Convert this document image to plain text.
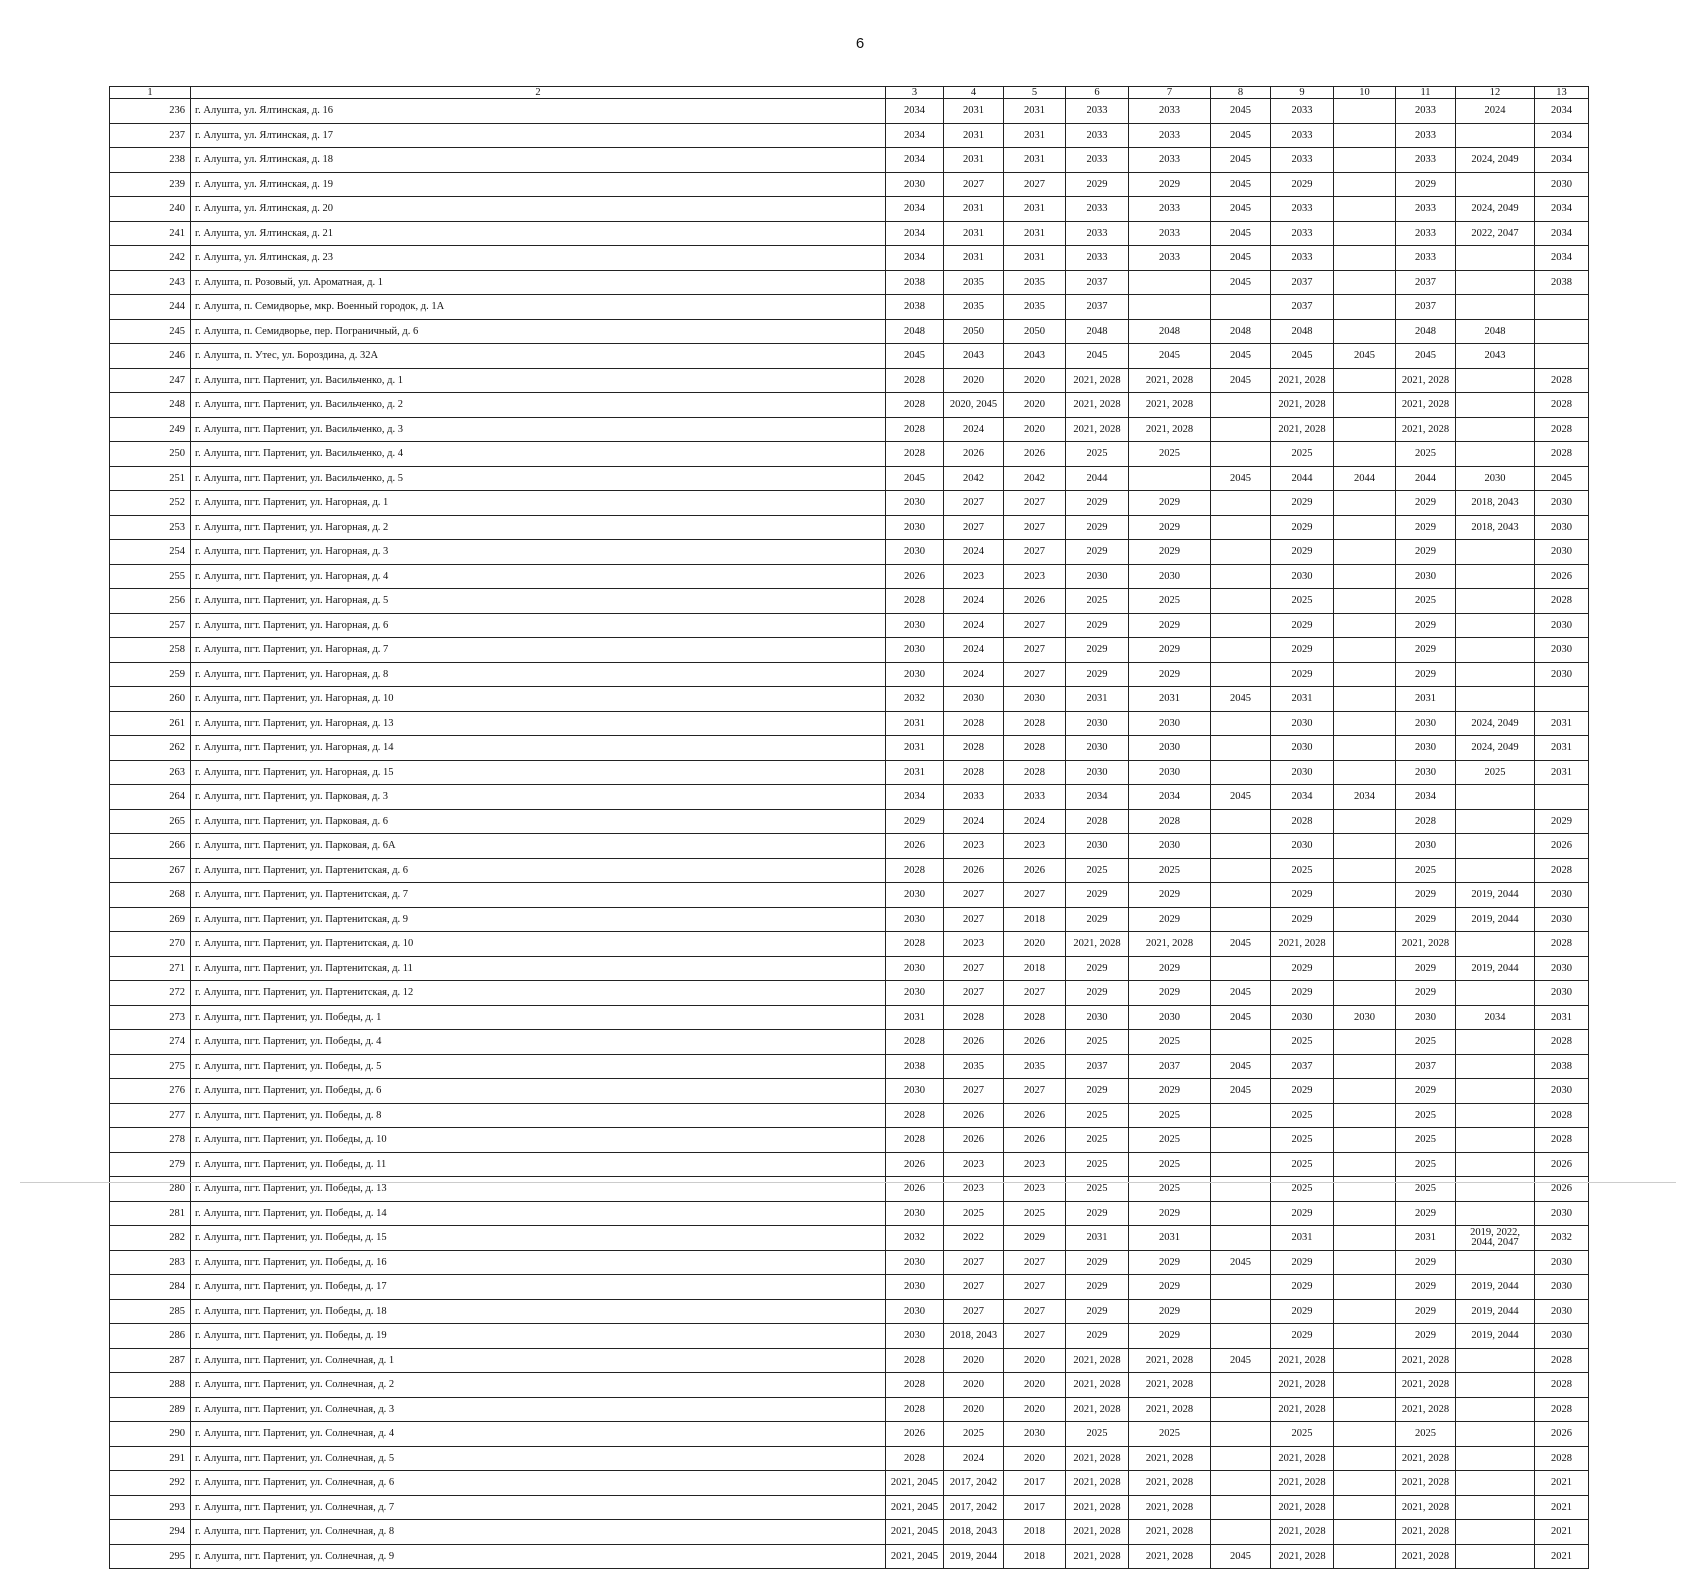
6
1	2	3	4	5	6	7	8	9	10	11	12	13
236	г. Алушта, ул. Ялтинская, д. 16	2034	2031	2031	2033	2033	2045	2033		2033	2024	2034
237	г. Алушта, ул. Ялтинская, д. 17	2034	2031	2031	2033	2033	2045	2033		2033		2034
238	г. Алушта, ул. Ялтинская, д. 18	2034	2031	2031	2033	2033	2045	2033		2033	2024, 2049	2034
239	г. Алушта, ул. Ялтинская, д. 19	2030	2027	2027	2029	2029	2045	2029		2029		2030
240	г. Алушта, ул. Ялтинская, д. 20	2034	2031	2031	2033	2033	2045	2033		2033	2024, 2049	2034
241	г. Алушта, ул. Ялтинская, д. 21	2034	2031	2031	2033	2033	2045	2033		2033	2022, 2047	2034
242	г. Алушта, ул. Ялтинская, д. 23	2034	2031	2031	2033	2033	2045	2033		2033		2034
243	г. Алушта, п. Розовый, ул. Ароматная, д. 1	2038	2035	2035	2037		2045	2037		2037		2038
244	г. Алушта, п. Семидворье, мкр. Военный городок, д. 1А	2038	2035	2035	2037			2037		2037		
245	г. Алушта, п. Семидворье, пер. Пограничный, д. 6	2048	2050	2050	2048	2048	2048	2048		2048	2048	
246	г. Алушта, п. Утес, ул. Бороздина, д. 32А	2045	2043	2043	2045	2045	2045	2045	2045	2045	2043	
247	г. Алушта, пгт. Партенит, ул. Васильченко, д. 1	2028	2020	2020	2021, 2028	2021, 2028	2045	2021, 2028		2021, 2028		2028
248	г. Алушта, пгт. Партенит, ул. Васильченко, д. 2	2028	2020, 2045	2020	2021, 2028	2021, 2028		2021, 2028		2021, 2028		2028
249	г. Алушта, пгт. Партенит, ул. Васильченко, д. 3	2028	2024	2020	2021, 2028	2021, 2028		2021, 2028		2021, 2028		2028
250	г. Алушта, пгт. Партенит, ул. Васильченко, д. 4	2028	2026	2026	2025	2025		2025		2025		2028
251	г. Алушта, пгт. Партенит, ул. Васильченко, д. 5	2045	2042	2042	2044		2045	2044	2044	2044	2030	2045
252	г. Алушта, пгт. Партенит, ул. Нагорная, д. 1	2030	2027	2027	2029	2029		2029		2029	2018, 2043	2030
253	г. Алушта, пгт. Партенит, ул. Нагорная, д. 2	2030	2027	2027	2029	2029		2029		2029	2018, 2043	2030
254	г. Алушта, пгт. Партенит, ул. Нагорная, д. 3	2030	2024	2027	2029	2029		2029		2029		2030
255	г. Алушта, пгт. Партенит, ул. Нагорная, д. 4	2026	2023	2023	2030	2030		2030		2030		2026
256	г. Алушта, пгт. Партенит, ул. Нагорная, д. 5	2028	2024	2026	2025	2025		2025		2025		2028
257	г. Алушта, пгт. Партенит, ул. Нагорная, д. 6	2030	2024	2027	2029	2029		2029		2029		2030
258	г. Алушта, пгт. Партенит, ул. Нагорная, д. 7	2030	2024	2027	2029	2029		2029		2029		2030
259	г. Алушта, пгт. Партенит, ул. Нагорная, д. 8	2030	2024	2027	2029	2029		2029		2029		2030
260	г. Алушта, пгт. Партенит, ул. Нагорная, д. 10	2032	2030	2030	2031	2031	2045	2031		2031		
261	г. Алушта, пгт. Партенит, ул. Нагорная, д. 13	2031	2028	2028	2030	2030		2030		2030	2024, 2049	2031
262	г. Алушта, пгт. Партенит, ул. Нагорная, д. 14	2031	2028	2028	2030	2030		2030		2030	2024, 2049	2031
263	г. Алушта, пгт. Партенит, ул. Нагорная, д. 15	2031	2028	2028	2030	2030		2030		2030	2025	2031
264	г. Алушта, пгт. Партенит, ул. Парковая, д. 3	2034	2033	2033	2034	2034	2045	2034	2034	2034		
265	г. Алушта, пгт. Партенит, ул. Парковая, д. 6	2029	2024	2024	2028	2028		2028		2028		2029
266	г. Алушта, пгт. Партенит, ул. Парковая, д. 6А	2026	2023	2023	2030	2030		2030		2030		2026
267	г. Алушта, пгт. Партенит, ул. Партенитская, д. 6	2028	2026	2026	2025	2025		2025		2025		2028
268	г. Алушта, пгт. Партенит, ул. Партенитская, д. 7	2030	2027	2027	2029	2029		2029		2029	2019, 2044	2030
269	г. Алушта, пгт. Партенит, ул. Партенитская, д. 9	2030	2027	2018	2029	2029		2029		2029	2019, 2044	2030
270	г. Алушта, пгт. Партенит, ул. Партенитская, д. 10	2028	2023	2020	2021, 2028	2021, 2028	2045	2021, 2028		2021, 2028		2028
271	г. Алушта, пгт. Партенит, ул. Партенитская, д. 11	2030	2027	2018	2029	2029		2029		2029	2019, 2044	2030
272	г. Алушта, пгт. Партенит, ул. Партенитская, д. 12	2030	2027	2027	2029	2029	2045	2029		2029		2030
273	г. Алушта, пгт. Партенит, ул. Победы, д. 1	2031	2028	2028	2030	2030	2045	2030	2030	2030	2034	2031
274	г. Алушта, пгт. Партенит, ул. Победы, д. 4	2028	2026	2026	2025	2025		2025		2025		2028
275	г. Алушта, пгт. Партенит, ул. Победы, д. 5	2038	2035	2035	2037	2037	2045	2037		2037		2038
276	г. Алушта, пгт. Партенит, ул. Победы, д. 6	2030	2027	2027	2029	2029	2045	2029		2029		2030
277	г. Алушта, пгт. Партенит, ул. Победы, д. 8	2028	2026	2026	2025	2025		2025		2025		2028
278	г. Алушта, пгт. Партенит, ул. Победы, д. 10	2028	2026	2026	2025	2025		2025		2025		2028
279	г. Алушта, пгт. Партенит, ул. Победы, д. 11	2026	2023	2023	2025	2025		2025		2025		2026
280	г. Алушта, пгт. Партенит, ул. Победы, д. 13	2026	2023	2023	2025	2025		2025		2025		2026
281	г. Алушта, пгт. Партенит, ул. Победы, д. 14	2030	2025	2025	2029	2029		2029		2029		2030
282	г. Алушта, пгт. Партенит, ул. Победы, д. 15	2032	2022	2029	2031	2031		2031		2031	2019, 2022, 2044, 2047	2032
283	г. Алушта, пгт. Партенит, ул. Победы, д. 16	2030	2027	2027	2029	2029	2045	2029		2029		2030
284	г. Алушта, пгт. Партенит, ул. Победы, д. 17	2030	2027	2027	2029	2029		2029		2029	2019, 2044	2030
285	г. Алушта, пгт. Партенит, ул. Победы, д. 18	2030	2027	2027	2029	2029		2029		2029	2019, 2044	2030
286	г. Алушта, пгт. Партенит, ул. Победы, д. 19	2030	2018, 2043	2027	2029	2029		2029		2029	2019, 2044	2030
287	г. Алушта, пгт. Партенит, ул. Солнечная, д. 1	2028	2020	2020	2021, 2028	2021, 2028	2045	2021, 2028		2021, 2028		2028
288	г. Алушта, пгт. Партенит, ул. Солнечная, д. 2	2028	2020	2020	2021, 2028	2021, 2028		2021, 2028		2021, 2028		2028
289	г. Алушта, пгт. Партенит, ул. Солнечная, д. 3	2028	2020	2020	2021, 2028	2021, 2028		2021, 2028		2021, 2028		2028
290	г. Алушта, пгт. Партенит, ул. Солнечная, д. 4	2026	2025	2030	2025	2025		2025		2025		2026
291	г. Алушта, пгт. Партенит, ул. Солнечная, д. 5	2028	2024	2020	2021, 2028	2021, 2028		2021, 2028		2021, 2028		2028
292	г. Алушта, пгт. Партенит, ул. Солнечная, д. 6	2021, 2045	2017, 2042	2017	2021, 2028	2021, 2028		2021, 2028		2021, 2028		2021
293	г. Алушта, пгт. Партенит, ул. Солнечная, д. 7	2021, 2045	2017, 2042	2017	2021, 2028	2021, 2028		2021, 2028		2021, 2028		2021
294	г. Алушта, пгт. Партенит, ул. Солнечная, д. 8	2021, 2045	2018, 2043	2018	2021, 2028	2021, 2028		2021, 2028		2021, 2028		2021
295	г. Алушта, пгт. Партенит, ул. Солнечная, д. 9	2021, 2045	2019, 2044	2018	2021, 2028	2021, 2028	2045	2021, 2028		2021, 2028		2021
